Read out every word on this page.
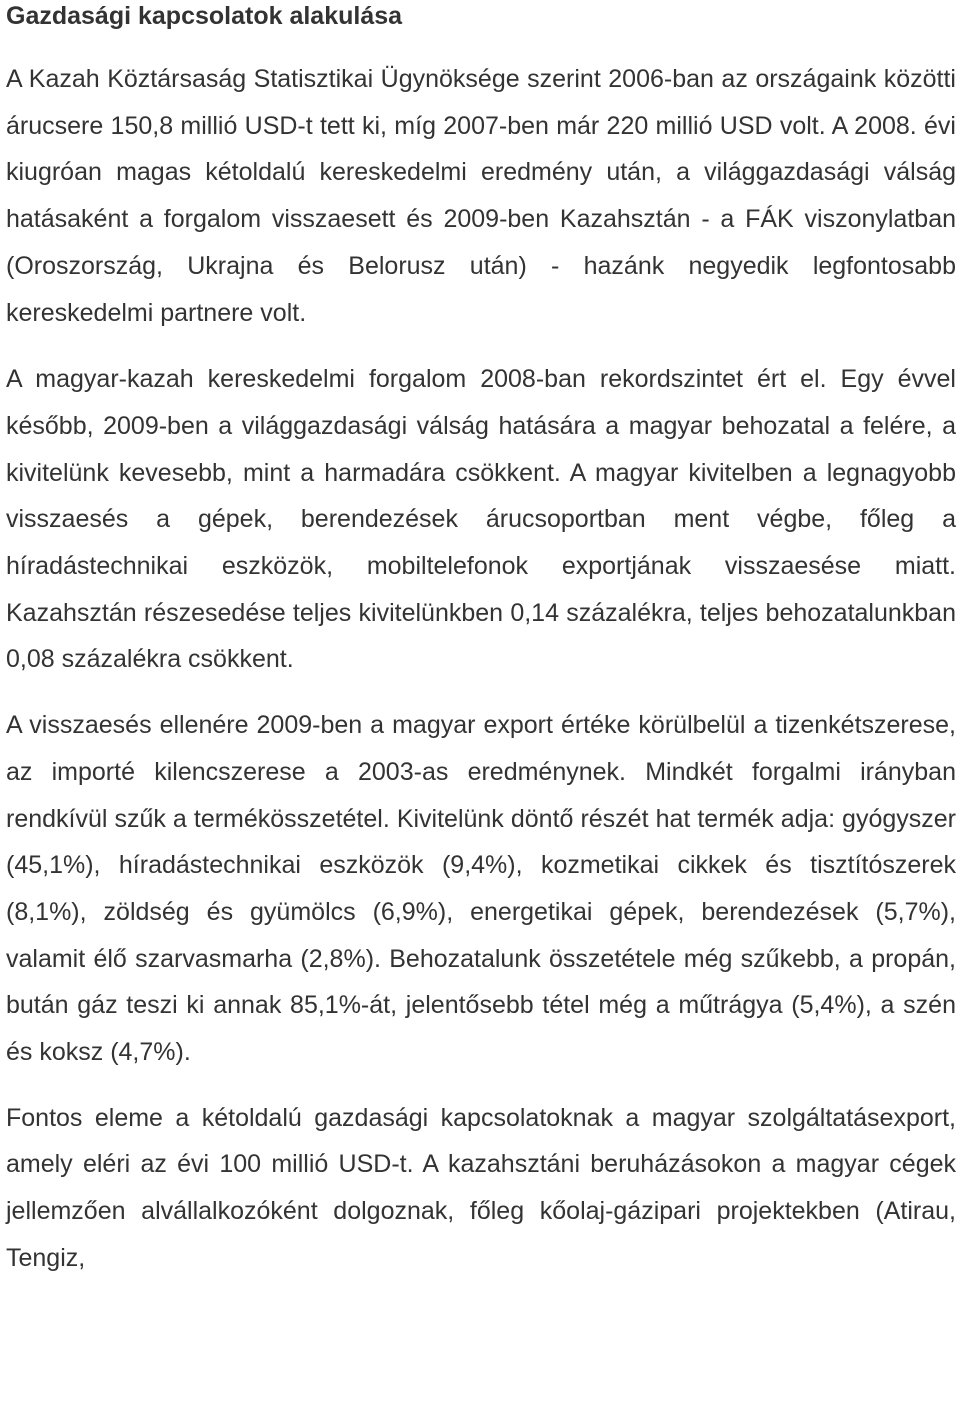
Gazdasági kapcsolatok alakulása

A Kazah Köztársaság Statisztikai Ügynöksége szerint 2006-ban az országaink közötti árucsere 150,8 millió USD-t tett ki, míg 2007-ben már 220 millió USD volt. A 2008. évi kiugróan magas kétoldalú kereskedelmi eredmény után, a világgazdasági válság hatásaként a forgalom visszaesett és 2009-ben Kazahsztán - a FÁK viszonylatban (Oroszország, Ukrajna és Belorusz után) - hazánk negyedik legfontosabb kereskedelmi partnere volt.

A magyar-kazah kereskedelmi forgalom 2008-ban rekordszintet ért el. Egy évvel később, 2009-ben a világgazdasági válság hatására a magyar behozatal a felére, a kivitelünk kevesebb, mint a harmadára csökkent. A magyar kivitelben a legnagyobb visszaesés a gépek, berendezések árucsoportban ment végbe, főleg a híradástechnikai eszközök, mobiltelefonok exportjának visszaesése miatt. Kazahsztán részesedése teljes kivitelünkben 0,14 százalékra, teljes behozatalunkban 0,08 százalékra csökkent.

A visszaesés ellenére 2009-ben a magyar export értéke körülbelül a tizenkétszerese, az importé kilencszerese a 2003-as eredménynek. Mindkét forgalmi irányban rendkívül szűk a termékösszetétel. Kivitelünk döntő részét hat termék adja: gyógyszer (45,1%), híradástechnikai eszközök (9,4%), kozmetikai cikkek és tisztítószerek (8,1%), zöldség és gyümölcs (6,9%), energetikai gépek, berendezések (5,7%), valamit élő szarvasmarha (2,8%). Behozatalunk összetétele még szűkebb, a propán, bután gáz teszi ki annak 85,1%-át, jelentősebb tétel még a műtrágya (5,4%), a szén és koksz (4,7%).

Fontos eleme a kétoldalú gazdasági kapcsolatoknak a magyar szolgáltatásexport, amely eléri az évi 100 millió USD-t. A kazahsztáni beruházásokon a magyar cégek jellemzően alvállalkozóként dolgoznak, főleg kőolaj-gázipari projektekben (Atirau, Tengiz,
